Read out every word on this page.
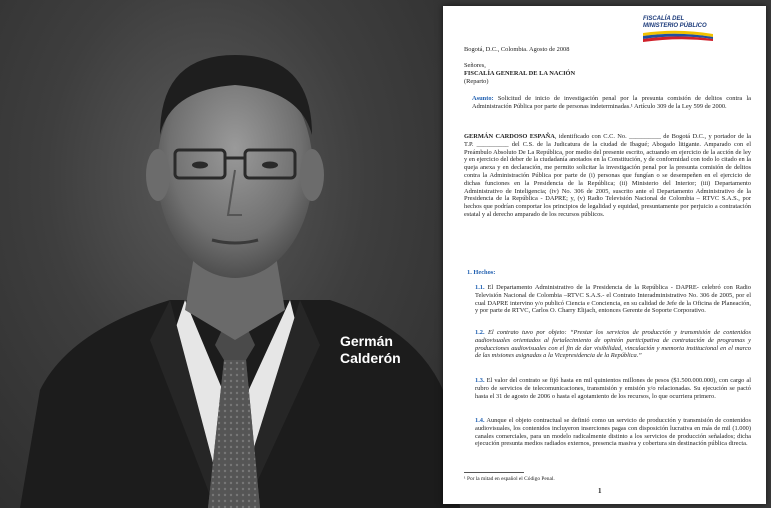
Germán
Calderón
FISCALÍA DEL
MINISTERIO PÚBLICO
Bogotá, D.C., Colombia. Agosto de 2008
Señores,
FISCALÍA GENERAL DE LA NACIÓN
(Reparto)
Asunto: Solicitud de inicio de investigación penal por la presunta comisión de delitos contra la Administración Pública por parte de personas indeterminadas.¹ Artículo 309 de la Ley 599 de 2000.
GERMÁN CARDOSO ESPAÑA, identificado con C.C. No. __________ de Bogotá D.C., y portador de la T.P. __________ del C.S. de la Judicatura de la ciudad de Ibagué; Abogado litigante. Amparado con el Preámbulo Absoluto De La República, por medio del presente escrito, actuando en ejercicio de la acción de ley y en ejercicio del deber de la ciudadanía anotados en la Constitución, y de conformidad con todo lo citado en la queja anexa y en declaración, me permito solicitar la investigación penal por la presunta comisión de delitos contra la Administración Pública por parte de (i) personas que fungían o se desempeñen en el ejercicio de dichas funciones en la Presidencia de la República; (ii) Ministerio del Interior; (iii) Departamento Administrativo de Inteligencia; (iv) No. 306 de 2005, suscrito ante el Departamento Administrativo de la Presidencia de la República - DAPRE; y, (v) Radio Televisión Nacional de Colombia – RTVC S.A.S., por hechos que podrían comportar los principios de legalidad y equidad, presuntamente por perjuicio a contratación estatal y al derecho amparado de los recursos públicos.
1. Hechos:
1.1. El Departamento Administrativo de la Presidencia de la República - DAPRE- celebró con Radio Televisión Nacional de Colombia –RTVC S.A.S.- el Contrato Interadministrativo No. 306 de 2005, por el cual DAPRE intervino y/o publicó Ciencia e Conciencia, en su calidad de Jefe de la Oficina de Planeación, y por parte de RTVC, Carlos O. Charry Elijach, entonces Gerente de Soporte Corporativo.
1.2. El contrato tuvo por objeto: “Prestar los servicios de producción y transmisión de contenidos audiovisuales orientados al fortalecimiento de opinión participativa de contratación de programas y producciones audiovisuales con el fin de dar visibilidad, vinculación y memoria institucional en el marco de las misiones asignadas a la Vicepresidencia de la República.”
1.3. El valor del contrato se fijó hasta en mil quinientos millones de pesos ($1.500.000.000), con cargo al rubro de servicios de telecomunicaciones, transmisión y emisión y/o relacionadas. Su ejecución se pactó hasta el 31 de agosto de 2006 o hasta el agotamiento de los recursos, lo que ocurriera primero.
1.4. Aunque el objeto contractual se definió como un servicio de producción y transmisión de contenidos audiovisuales, los contenidos incluyeron inserciones pagas con disposición lucrativa en más de mil (1.000) canales comerciales, para un modelo radicalmente distinto a los servicios de producción señalados; dicha ejecución presunta medios radiados externos, presencia masiva y cobertura sin destinación pública directa.
¹ Por la mitad en español el Código Penal.
1
